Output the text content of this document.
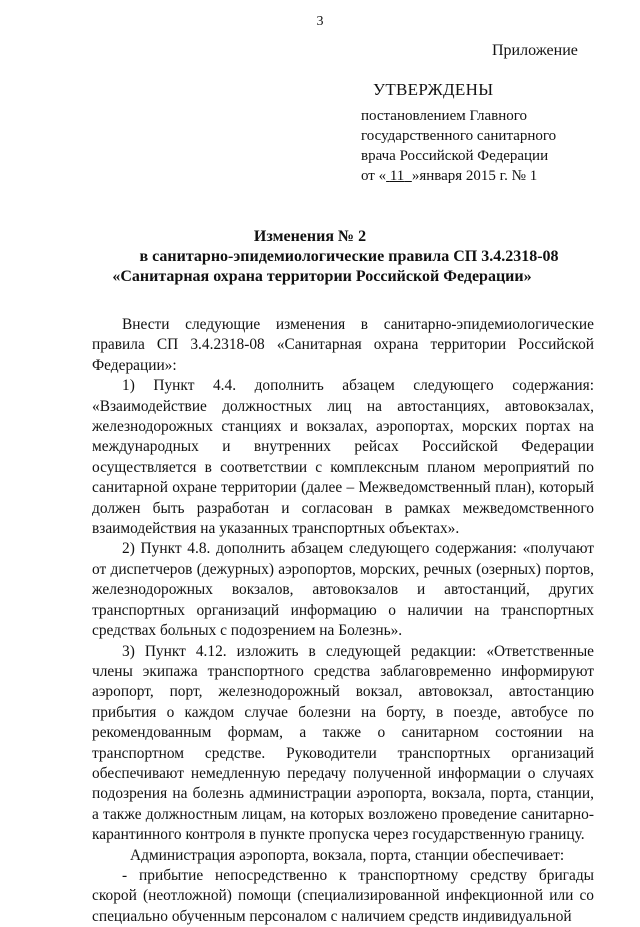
3
Приложение
УТВЕРЖДЕНЫ
постановлением Главного
государственного санитарного
врача Российской Федерации
от « 11 »января 2015 г. № 1
Изменения № 2
в санитарно-эпидемиологические правила СП 3.4.2318-08
«Санитарная охрана территории Российской Федерации»

Внести следующие изменения в санитарно-эпидемиологические правила СП 3.4.2318-08 «Санитарная охрана территории Российской Федерации»:

1) Пункт 4.4. дополнить абзацем следующего содержания: «Взаимодействие должностных лиц на автостанциях, автовокзалах, железнодорожных станциях и вокзалах, аэропортах, морских портах на международных и внутренних рейсах Российской Федерации осуществляется в соответствии с комплексным планом мероприятий по санитарной охране территории (далее – Межведомственный план), который должен быть разработан и согласован в рамках межведомственного взаимодействия на указанных транспортных объектах».

2) Пункт 4.8. дополнить абзацем следующего содержания: «получают от диспетчеров (дежурных) аэропортов, морских, речных (озерных) портов, железнодорожных вокзалов, автовокзалов и автостанций, других транспортных организаций информацию о наличии на транспортных средствах больных с подозрением на Болезнь».

3) Пункт 4.12. изложить в следующей редакции: «Ответственные члены экипажа транспортного средства заблаговременно информируют аэропорт, порт, железнодорожный вокзал, автовокзал, автостанцию прибытия о каждом случае болезни на борту, в поезде, автобусе по рекомендованным формам, а также о санитарном состоянии на транспортном средстве. Руководители транспортных организаций обеспечивают немедленную передачу полученной информации о случаях подозрения на болезнь администрации аэропорта, вокзала, порта, станции, а также должностным лицам, на которых возложено проведение санитарно-карантинного контроля в пункте пропуска через государственную границу.

Администрация аэропорта, вокзала, порта, станции обеспечивает:

- прибытие непосредственно к транспортному средству бригады скорой (неотложной) помощи (специализированной инфекционной или со специально обученным персоналом с наличием средств индивидуальной
